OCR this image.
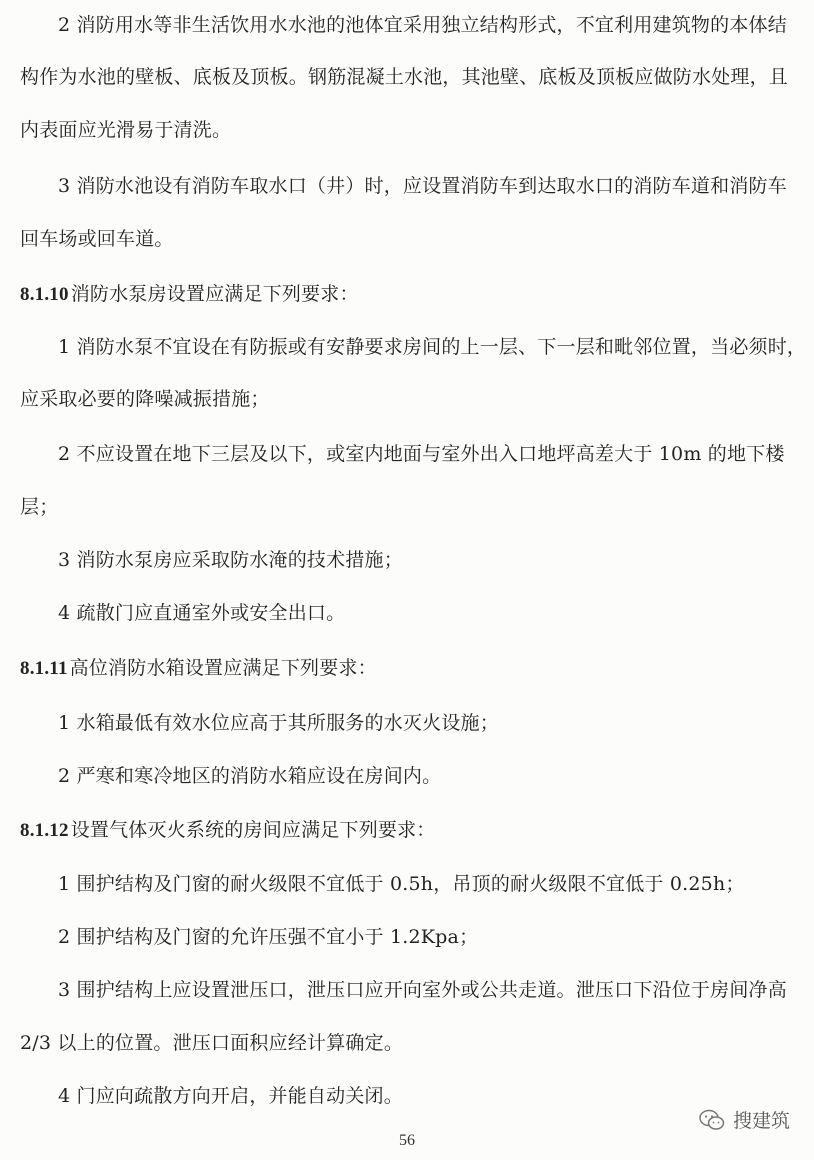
2 消防用水等非生活饮用水水池的池体宜采用独立结构形式，不宜利用建筑物的本体结
构作为水池的壁板、底板及顶板。钢筋混凝土水池，其池壁、底板及顶板应做防水处理，且
内表面应光滑易于清洗。
3 消防水池设有消防车取水口（井）时，应设置消防车到达取水口的消防车道和消防车
回车场或回车道。
8.1.10 消防水泵房设置应满足下列要求：
1 消防水泵不宜设在有防振或有安静要求房间的上一层、下一层和毗邻位置，当必须时，
应采取必要的降噪减振措施；
2 不应设置在地下三层及以下，或室内地面与室外出入口地坪高差大于 10m 的地下楼
层；
3 消防水泵房应采取防水淹的技术措施；
4 疏散门应直通室外或安全出口。
8.1.11 高位消防水箱设置应满足下列要求：
1 水箱最低有效水位应高于其所服务的水灭火设施；
2 严寒和寒冷地区的消防水箱应设在房间内。
8.1.12 设置气体灭火系统的房间应满足下列要求：
1 围护结构及门窗的耐火级限不宜低于 0.5h，吊顶的耐火级限不宜低于 0.25h；
2 围护结构及门窗的允许压强不宜小于 1.2Kpa；
3 围护结构上应设置泄压口，泄压口应开向室外或公共走道。泄压口下沿位于房间净高
2/3 以上的位置。泄压口面积应经计算确定。
4 门应向疏散方向开启，并能自动关闭。
搜建筑
56
